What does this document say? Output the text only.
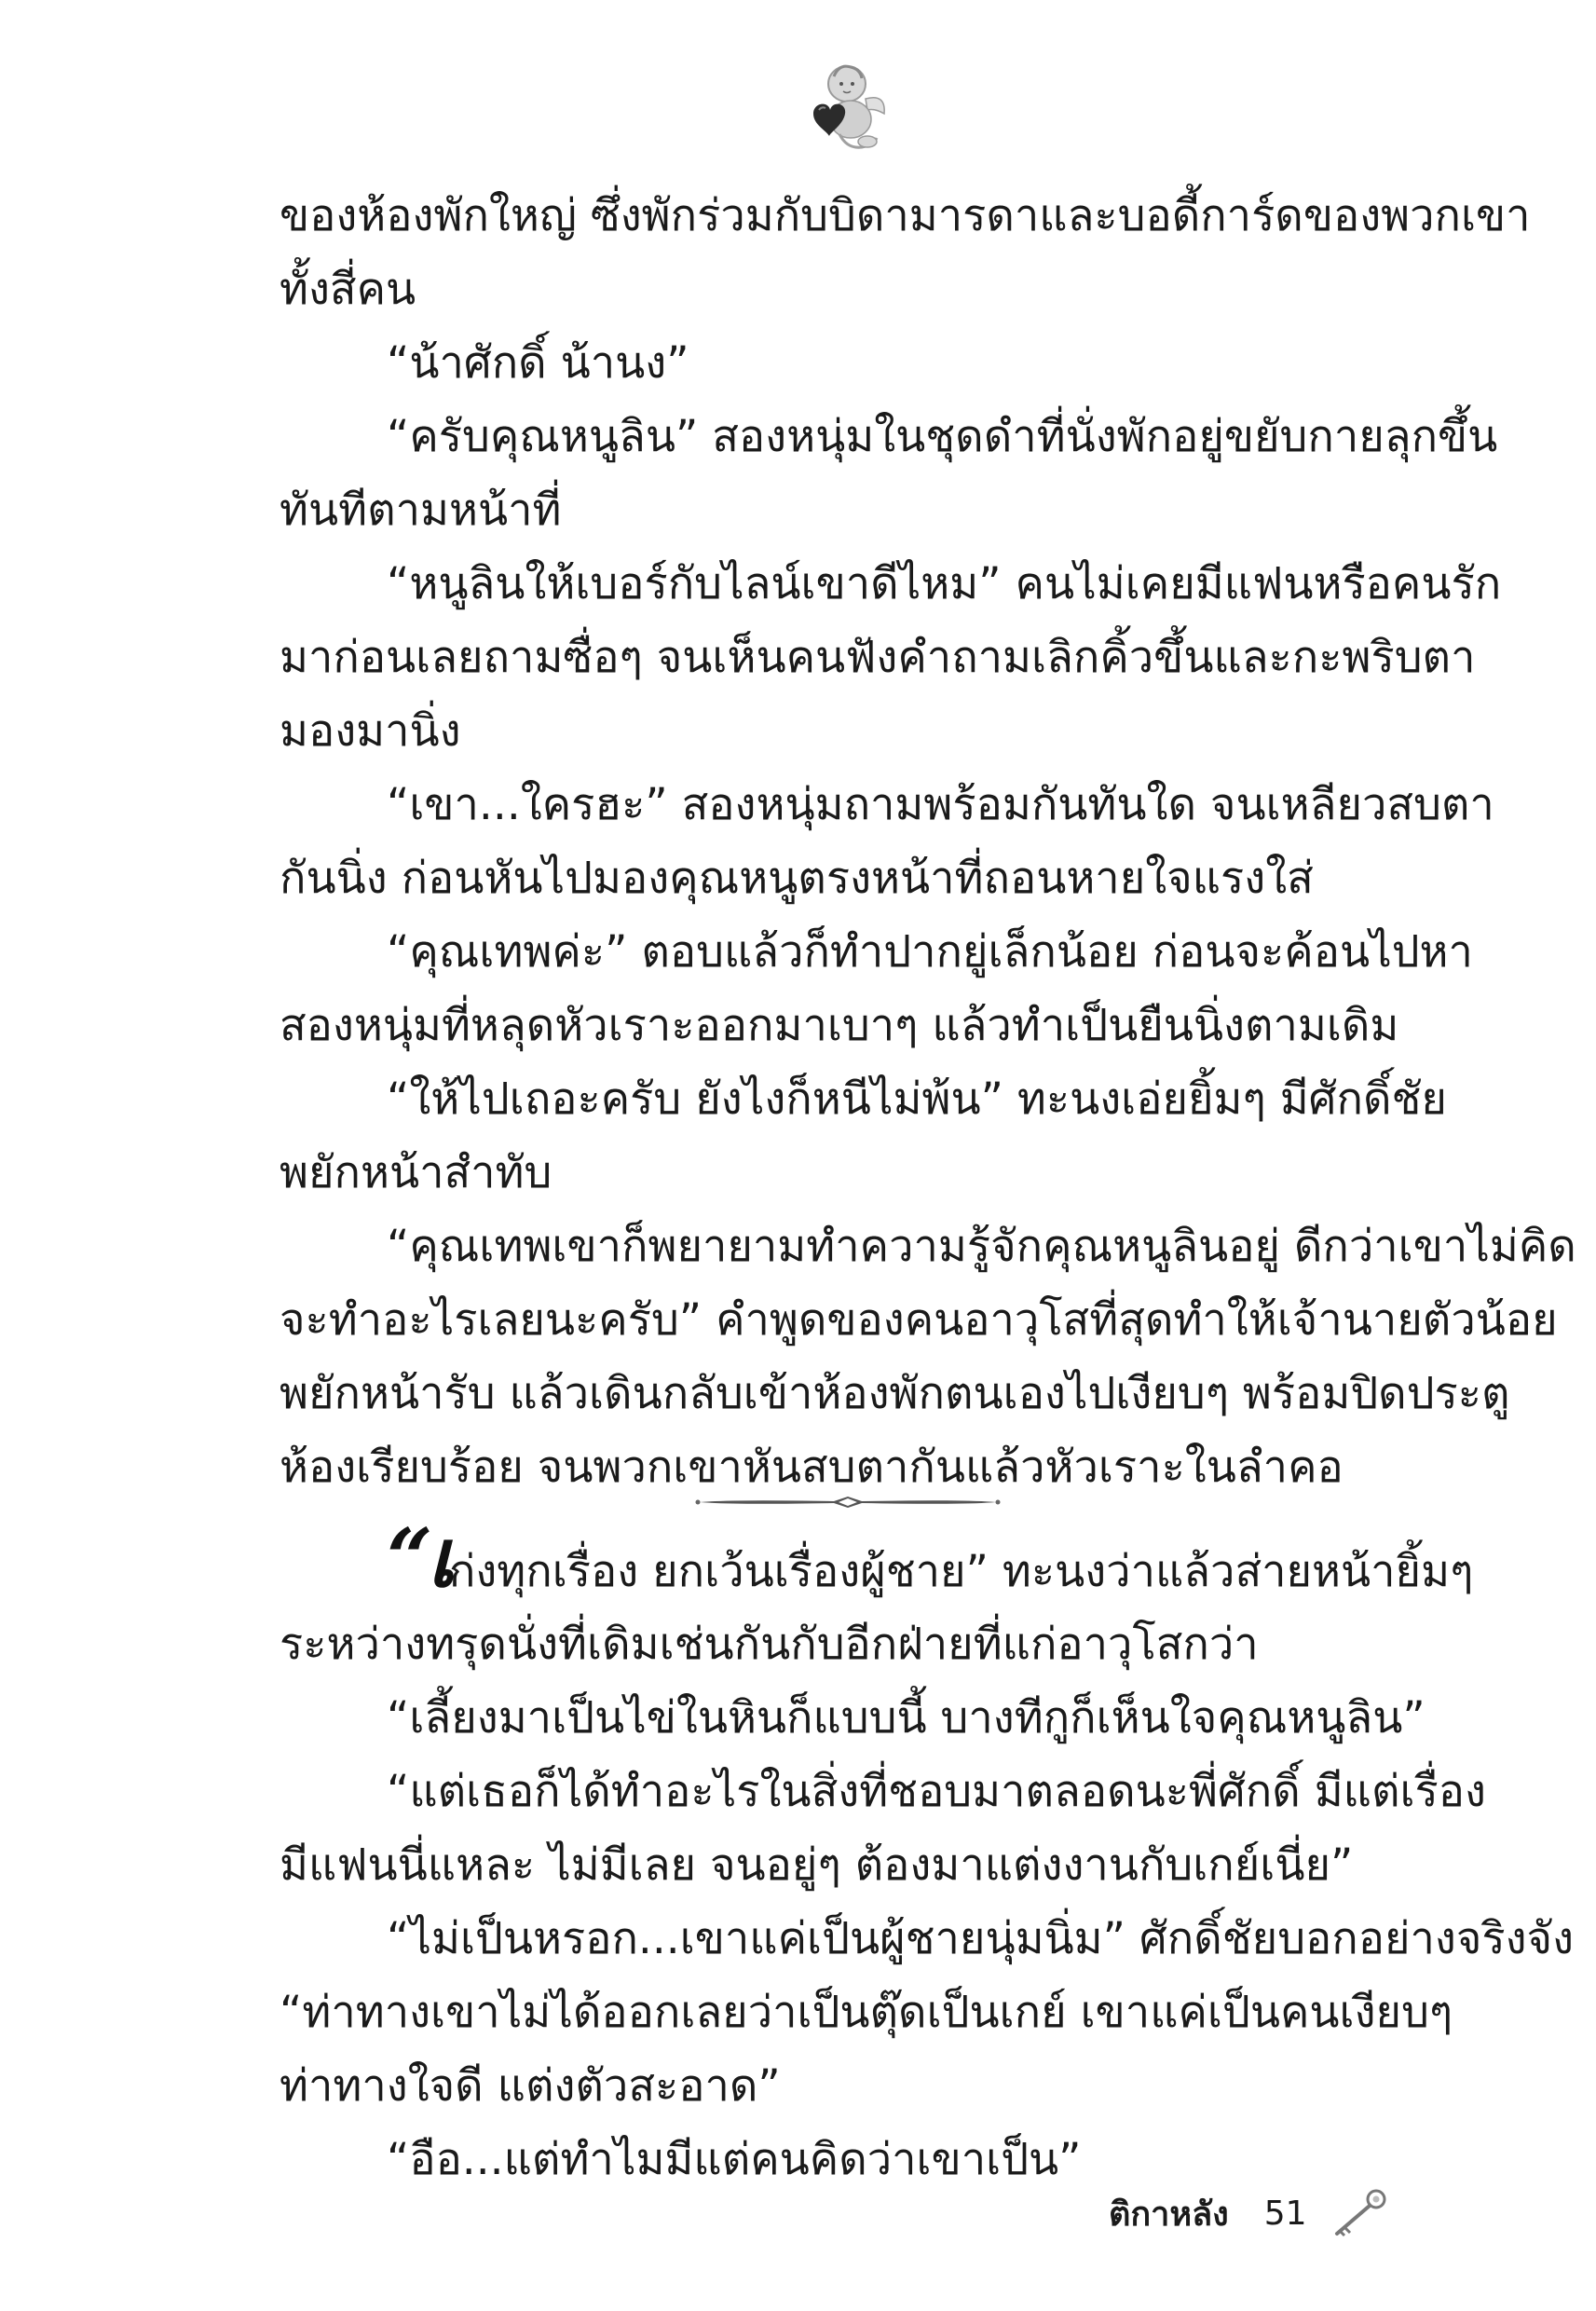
ของห้องพักใหญ่ ซึ่งพักร่วมกับบิดามารดาและบอดี้การ์ดของพวกเขา
ทั้งสี่คน
“น้าศักดิ์ น้านง”
“ครับคุณหนูลิน” สองหนุ่มในชุดดำที่นั่งพักอยู่ขยับกายลุกขึ้น
ทันทีตามหน้าที่
“หนูลินให้เบอร์กับไลน์เขาดีไหม” คนไม่เคยมีแฟนหรือคนรัก
มาก่อนเลยถามซื่อๆ จนเห็นคนฟังคำถามเลิกคิ้วขึ้นและกะพริบตา
มองมานิ่ง
“เขา...ใครฮะ” สองหนุ่มถามพร้อมกันทันใด จนเหลียวสบตา
กันนิ่ง ก่อนหันไปมองคุณหนูตรงหน้าที่ถอนหายใจแรงใส่
“คุณเทพค่ะ” ตอบแล้วก็ทำปากยู่เล็กน้อย ก่อนจะค้อนไปหา
สองหนุ่มที่หลุดหัวเราะออกมาเบาๆ แล้วทำเป็นยืนนิ่งตามเดิม
“ให้ไปเถอะครับ ยังไงก็หนีไม่พ้น” ทะนงเอ่ยยิ้มๆ มีศักดิ์ชัย
พยักหน้าสำทับ
“คุณเทพเขาก็พยายามทำความรู้จักคุณหนูลินอยู่ ดีกว่าเขาไม่คิด
จะทำอะไรเลยนะครับ” คำพูดของคนอาวุโสที่สุดทำให้เจ้านายตัวน้อย
พยักหน้ารับ แล้วเดินกลับเข้าห้องพักตนเองไปเงียบๆ พร้อมปิดประตู
ห้องเรียบร้อย จนพวกเขาหันสบตากันแล้วหัวเราะในลำคอ
“เก่งทุกเรื่อง ยกเว้นเรื่องผู้ชาย” ทะนงว่าแล้วส่ายหน้ายิ้มๆ
ระหว่างทรุดนั่งที่เดิมเช่นกันกับอีกฝ่ายที่แก่อาวุโสกว่า
“เลี้ยงมาเป็นไข่ในหินก็แบบนี้ บางทีกูก็เห็นใจคุณหนูลิน”
“แต่เธอก็ได้ทำอะไรในสิ่งที่ชอบมาตลอดนะพี่ศักดิ์ มีแต่เรื่อง
มีแฟนนี่แหละ ไม่มีเลย จนอยู่ๆ ต้องมาแต่งงานกับเกย์เนี่ย”
“ไม่เป็นหรอก...เขาแค่เป็นผู้ชายนุ่มนิ่ม” ศักดิ์ชัยบอกอย่างจริงจัง
“ท่าทางเขาไม่ได้ออกเลยว่าเป็นตุ๊ดเป็นเกย์ เขาแค่เป็นคนเงียบๆ
ท่าทางใจดี แต่งตัวสะอาด”
“อือ...แต่ทำไมมีแต่คนคิดว่าเขาเป็น”
ติกาหลัง 51
